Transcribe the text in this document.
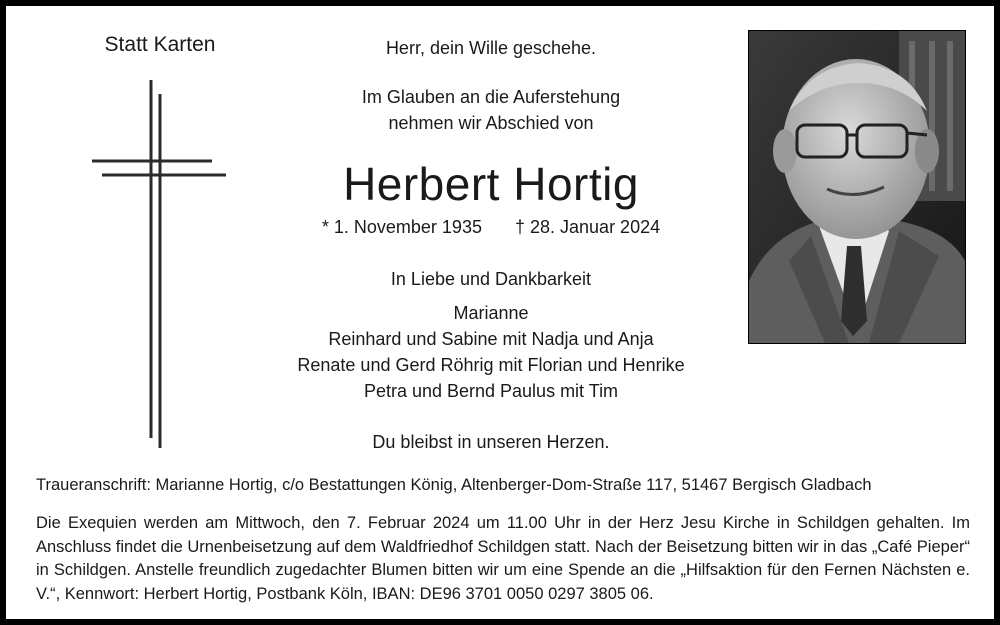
Statt Karten	Herr, dein Wille geschehe.
Im Glauben an die Auferstehung
nehmen wir Abschied von
Herbert Hortig
* 1. November 1935 † 28. Januar 2024
In Liebe und Dankbarkeit
Marianne
Reinhard und Sabine mit Nadja und Anja
Renate und Gerd Röhrig mit Florian und Henrike
Petra und Bernd Paulus mit Tim
Du bleibst in unseren Herzen.
Traueranschrift: Marianne Hortig, c/o Bestattungen König, Altenberger-Dom-Straße 117, 51467 Bergisch Gladbach
Die Exequien werden am Mittwoch, den 7. Februar 2024 um 11.00 Uhr in der Herz Jesu Kirche in Schildgen gehalten. Im Anschluss findet die Urnenbeisetzung auf dem Waldfriedhof Schildgen statt. Nach der Beisetzung bitten wir in das „Café Pieper“ in Schildgen. Anstelle freundlich zugedachter Blumen bitten wir um eine Spende an die „Hilfsaktion für den Fernen Nächsten e. V.“, Kennwort: Herbert Hortig, Postbank Köln, IBAN: DE96 3701 0050 0297 3805 06.
